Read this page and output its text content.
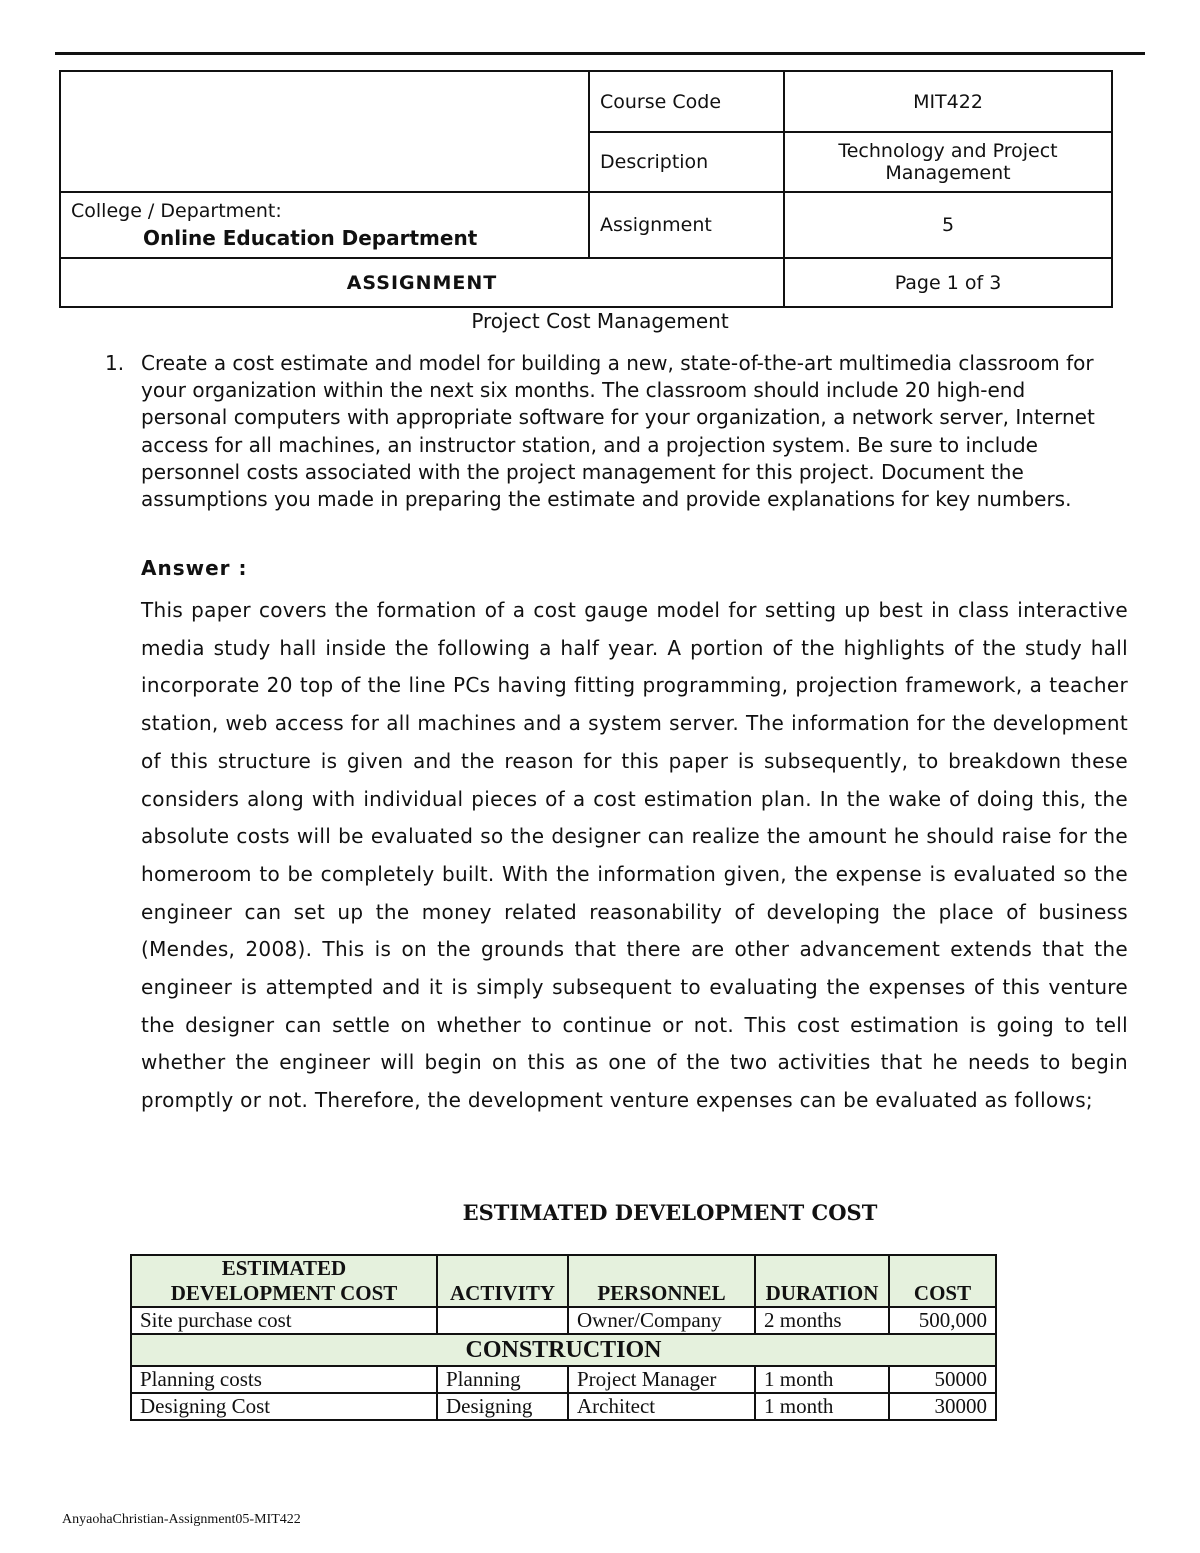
	Course Code	MIT422
	Description	Technology and Project Management

College / Department:
Online Education Department	Assignment	5
ASSIGNMENT		Page 1 of 3
Project Cost Management
1. Create a cost estimate and model for building a new, state-of-the-art multimedia classroom for your organization within the next six months. The classroom should include 20 high-end personal computers with appropriate software for your organization, a network server, Internet access for all machines, an instructor station, and a projection system. Be sure to include personnel costs associated with the project management for this project. Document the assumptions you made in preparing the estimate and provide explanations for key numbers.
Answer :

This paper covers the formation of a cost gauge model for setting up best in class interactive media study hall inside the following a half year. A portion of the highlights of the study hall incorporate 20 top of the line PCs having fitting programming, projection framework, a teacher station, web access for all machines and a system server. The information for the development of this structure is given and the reason for this paper is subsequently, to breakdown these considers along with individual pieces of a cost estimation plan. In the wake of doing this, the absolute costs will be evaluated so the designer can realize the amount he should raise for the homeroom to be completely built. With the information given, the expense is evaluated so the engineer can set up the money related reasonability of developing the place of business (Mendes, 2008). This is on the grounds that there are other advancement extends that the engineer is attempted and it is simply subsequent to evaluating the expenses of this venture the designer can settle on whether to continue or not. This cost estimation is going to tell whether the engineer will begin on this as one of the two activities that he needs to begin promptly or not. Therefore, the development venture expenses can be evaluated as follows;

ESTIMATED DEVELOPMENT COST
ESTIMATED DEVELOPMENT COST	ACTIVITY	PERSONNEL	DURATION	COST
Site purchase cost		Owner/Company	2 months	500,000
CONSTRUCTION				
Planning costs	Planning	Project Manager	1 month	50000
Designing Cost	Designing	Architect	1 month	30000
AnyaohaChristian-Assignment05-MIT422
